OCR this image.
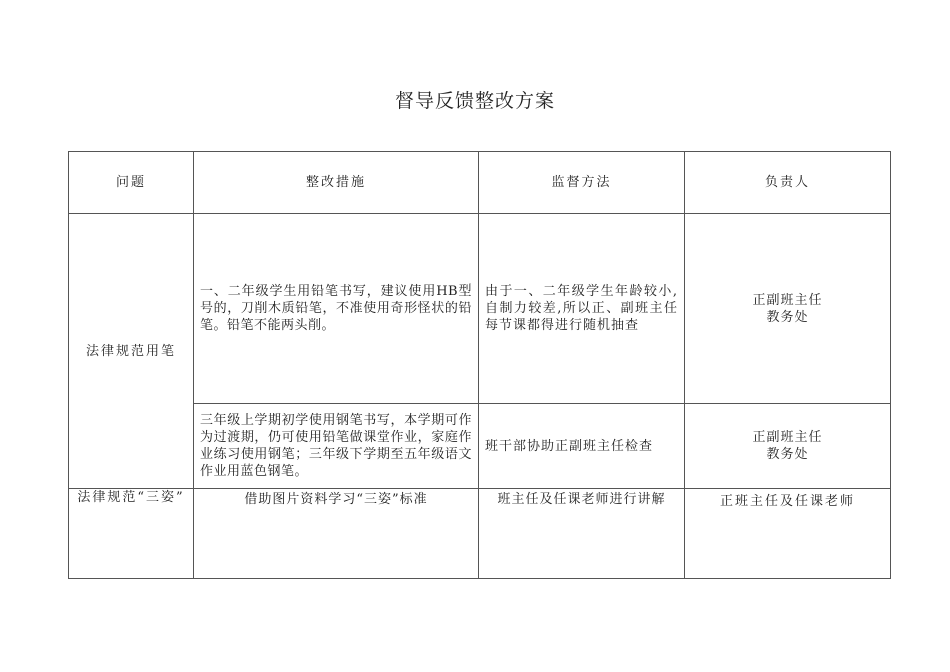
督导反馈整改方案
问题	整改措施	监督方法	负责人
法律规范用笔	一、二年级学生用铅笔书写，建议使用HB型号的，刀削木质铅笔，不准使用奇形怪状的铅笔。铅笔不能两头削。	由于一、二年级学生年龄较小,自制力较差,所以正、副班主任每节课都得进行随机抽查	正副班主任
教务处

	三年级上学期初学使用钢笔书写，本学期可作为过渡期，仍可使用铅笔做课堂作业，家庭作业练习使用钢笔；三年级下学期至五年级语文作业用蓝色钢笔。	班干部协助正副班主任检查	正副班主任
教务处

法律规范“三姿”	借助图片资料学习“三姿”标准	班主任及任课老师进行讲解	正班主任及任课老师
